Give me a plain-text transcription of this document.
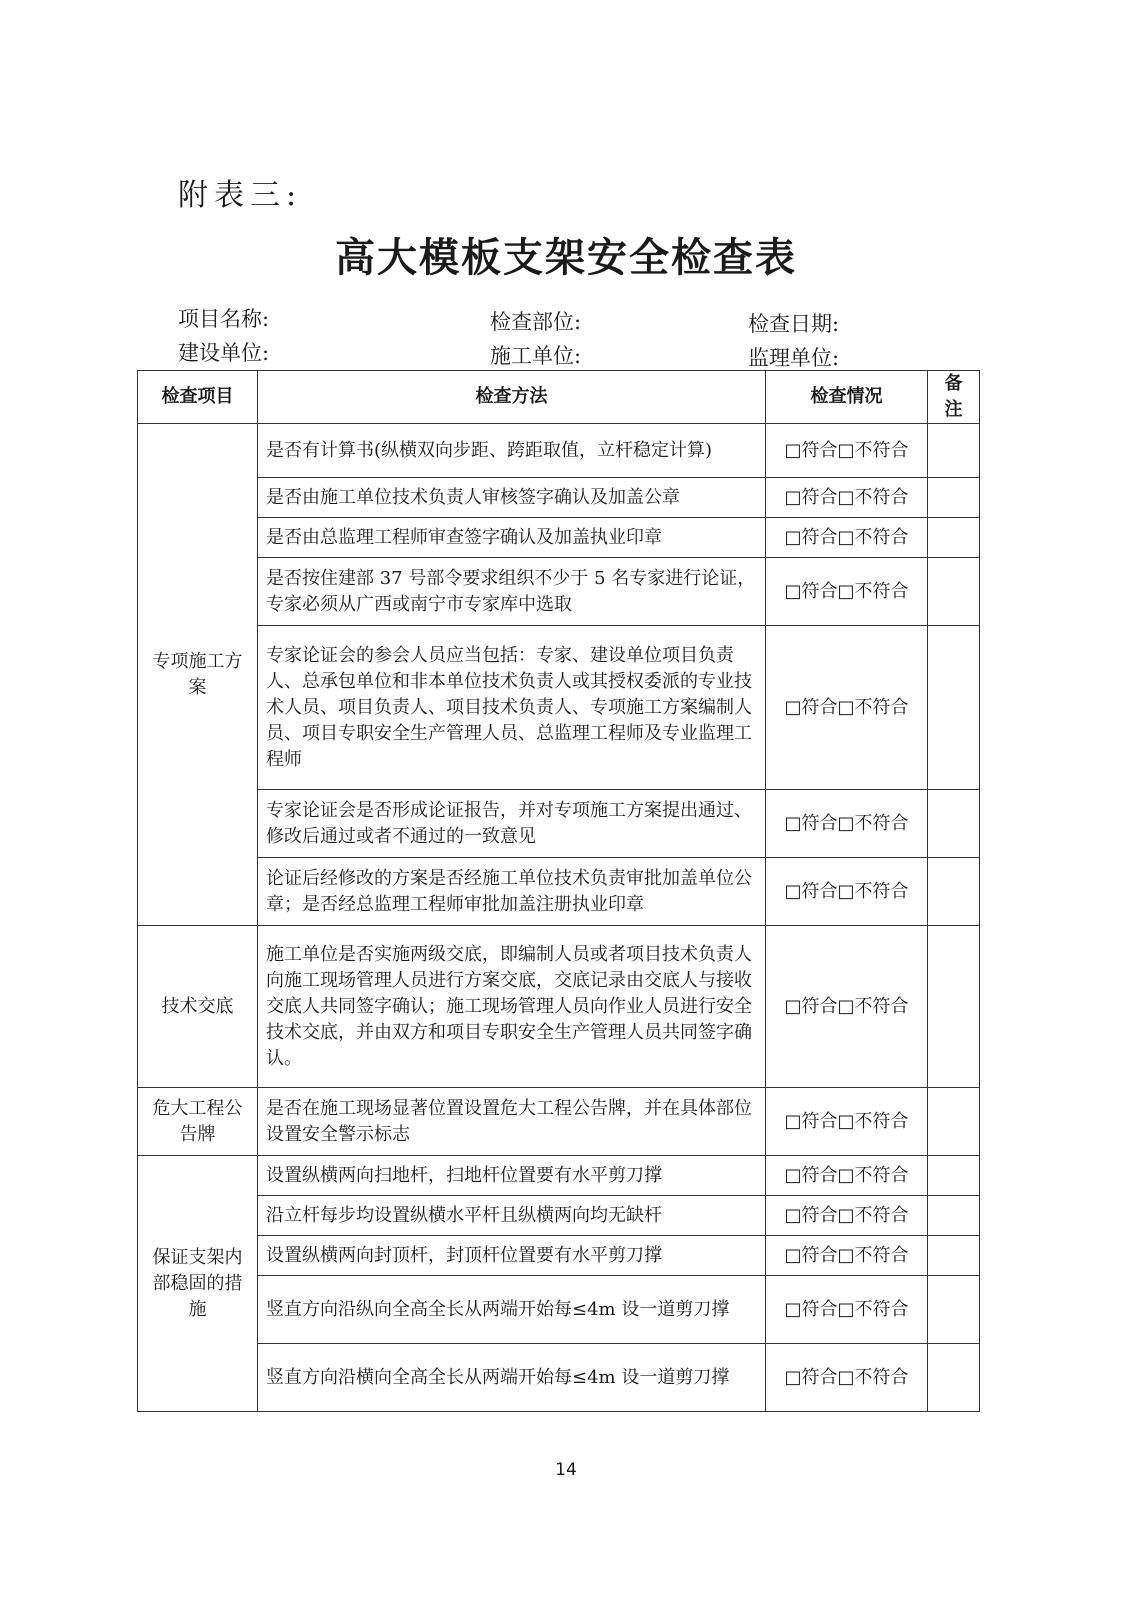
附表三:
高大模板支架安全检查表
项目名称:	检查部位:	检查日期:
建设单位:	施工单位:	监理单位:
检查项目	检查方法	检查情况	备注
专项施工方案	是否有计算书(纵横双向步距、跨距取值，立杆稳定计算)	□符合□不符合	
	是否由施工单位技术负责人审核签字确认及加盖公章	□符合□不符合	
	是否由总监理工程师审查签字确认及加盖执业印章	□符合□不符合	
	是否按住建部 37 号部令要求组织不少于 5 名专家进行论证，专家必须从广西或南宁市专家库中选取	□符合□不符合	
	专家论证会的参会人员应当包括：专家、建设单位项目负责人、总承包单位和非本单位技术负责人或其授权委派的专业技术人员、项目负责人、项目技术负责人、专项施工方案编制人员、项目专职安全生产管理人员、总监理工程师及专业监理工程师	□符合□不符合	
	专家论证会是否形成论证报告，并对专项施工方案提出通过、修改后通过或者不通过的一致意见	□符合□不符合	
	论证后经修改的方案是否经施工单位技术负责审批加盖单位公章；是否经总监理工程师审批加盖注册执业印章	□符合□不符合	
技术交底	施工单位是否实施两级交底，即编制人员或者项目技术负责人向施工现场管理人员进行方案交底，交底记录由交底人与接收交底人共同签字确认；施工现场管理人员向作业人员进行安全技术交底，并由双方和项目专职安全生产管理人员共同签字确认。	□符合□不符合	
危大工程公告牌	是否在施工现场显著位置设置危大工程公告牌，并在具体部位设置安全警示标志	□符合□不符合	
保证支架内部稳固的措施	设置纵横两向扫地杆，扫地杆位置要有水平剪刀撑	□符合□不符合	
	沿立杆每步均设置纵横水平杆且纵横两向均无缺杆	□符合□不符合	
	设置纵横两向封顶杆，封顶杆位置要有水平剪刀撑	□符合□不符合	
	竖直方向沿纵向全高全长从两端开始每≤4m 设一道剪刀撑	□符合□不符合	
	竖直方向沿横向全高全长从两端开始每≤4m 设一道剪刀撑	□符合□不符合	
14
